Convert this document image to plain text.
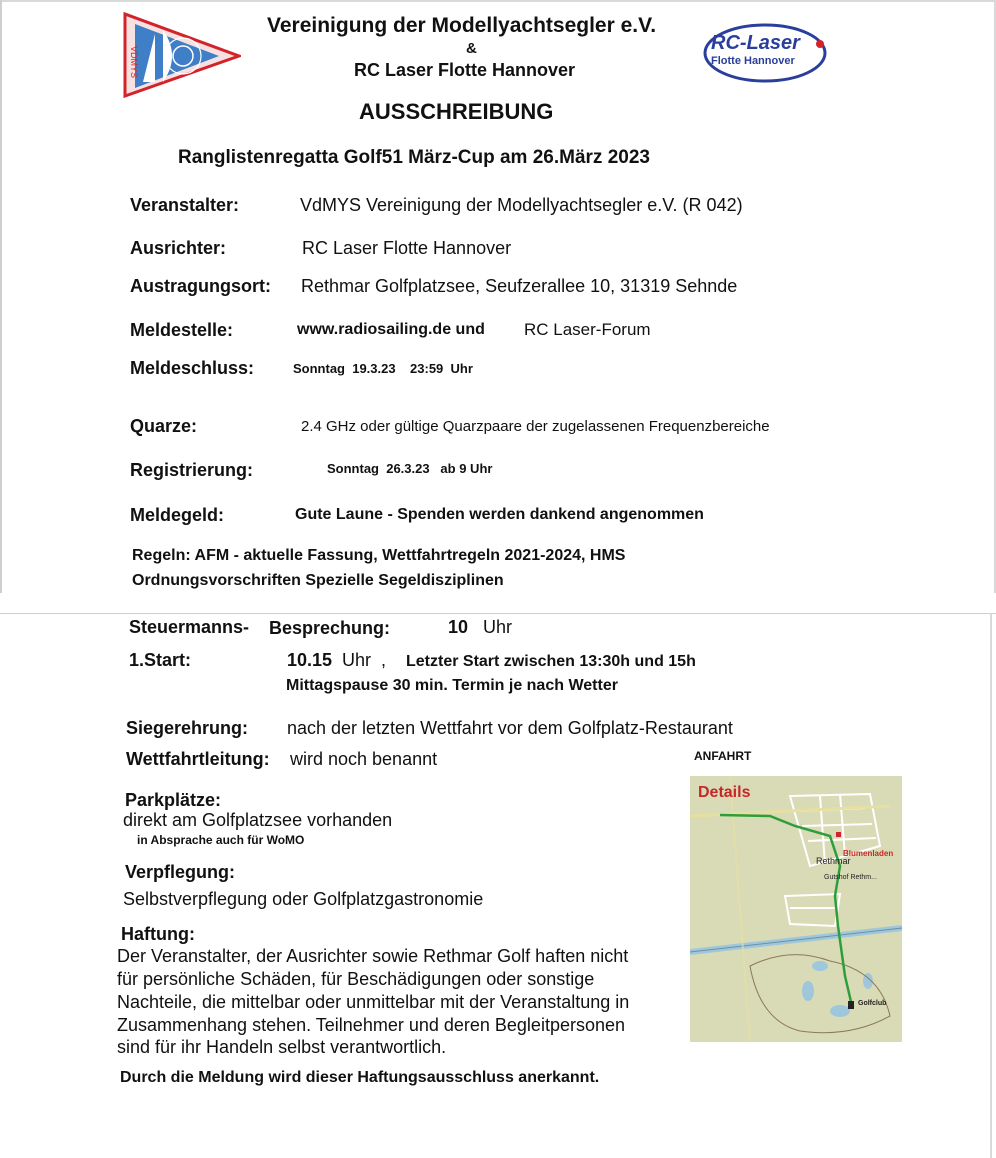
VDMYS
Vereinigung der Modellyachtsegler e.V.
&
RC Laser Flotte Hannover
AUSSCHREIBUNG
Ranglistenregatta Golf51 März-Cup am 26.März 2023
RC-Laser
Flotte Hannover
Veranstalter:	VdMYS Vereinigung der Modellyachtsegler e.V. (R 042)
Ausrichter:	RC Laser Flotte Hannover
Austragungsort: Rethmar Golfplatzsee, Seufzerallee 10, 31319 Sehnde
Meldestelle:	www.radiosailing.de und RC Laser-Forum
Meldeschluss:	Sonntag  19.3.23    23:59  Uhr
Quarze:	2.4 GHz oder gültige Quarzpaare der zugelassenen Frequenzbereiche
Registrierung:	Sonntag  26.3.23   ab 9 Uhr
Meldegeld:	Gute Laune - Spenden werden dankend angenommen
Regeln: AFM - aktuelle Fassung, Wettfahrtregeln 2021-2024, HMS
Ordnungsvorschriften Spezielle Segeldisziplinen
Steuermanns- Besprechung:	10 Uhr
1.Start:	10.15 Uhr  , Letzter Start zwischen 13:30h und 15h
Mittagspause 30 min. Termin je nach Wetter
Siegerehrung: nach der letzten Wettfahrt vor dem Golfplatz-Restaurant
Wettfahrtleitung: wird noch benannt	ANFAHRT
Parkplätze:
direkt am Golfplatzsee vorhanden
in Absprache auch für WoMO
Verpflegung:
Selbstverpflegung oder Golfplatzgastronomie
Haftung:
Der Veranstalter, der Ausrichter sowie Rethmar Golf haften nicht
für persönliche Schäden, für Beschädigungen oder sonstige
Nachteile, die mittelbar oder unmittelbar mit der Veranstaltung in
Zusammenhang stehen. Teilnehmer und deren Begleitpersonen
sind für ihr Handeln selbst verantwortlich.
Durch die Meldung wird dieser Haftungsausschluss anerkannt.
Details
Blumenladen
Rethmar
Gutshof Rethm...
Golfclub
